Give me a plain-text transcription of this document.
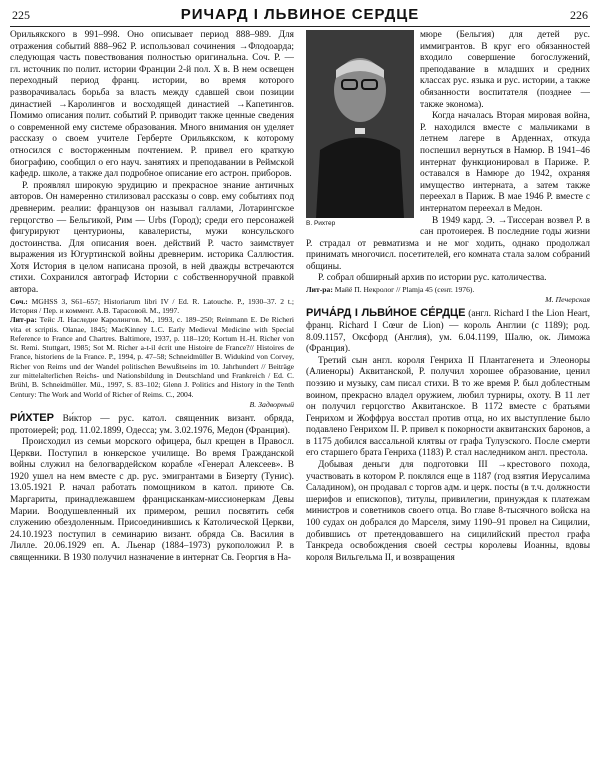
225	РИЧАРД I ЛЬВИНОЕ СЕРДЦЕ	226

Орильякского в 991–998. Оно описывает период 888–989. Для отражения событий 888–962 Р. использовал сочинения →Флодоарда; следующая часть повествования полностью оригинальна. Соч. Р. — гл. источник по полит. истории Франции 2-й пол. X в. В нем освещен переходный период франц. истории, во время которого разворачивалась борьба за власть между сдавшей свои позиции династией →Каролингов и восходящей династией →Капетингов. Помимо описания полит. событий Р. приводит также ценные сведения о современной ему системе образования. Много внимания он уделяет рассказу о своем учителе Герберте Орильякском, к которому относился с восторженным почтением. Р. привел его краткую биографию, сообщил о его науч. занятиях и преподавании в Реймской кафедр. школе, а также дал подробное описание его астрон. приборов.

Р. проявлял широкую эрудицию и прекрасное знание античных авторов. Он намеренно стилизовал рассказы о совр. ему событиях под древнерим. реалии: французов он называл галлами, Лотарингское герцогство — Бельгикой, Рим — Urbs (Город); среди его персонажей фигурируют центурионы, кавалеристы, мужи консульского достоинства. Для описания воен. действий Р. часто заимствует выражения из Югуртинской войны древнерим. историка Саллюстия. Хотя История в целом написана прозой, в ней дважды встречаются стихи. Сохранился автограф Истории с собственноручной правкой автора.

Соч.: MGHSS 3, S61–657; Historiarum libri IV / Ed. R. Latouche. P., 1930–37. 2 t.; История / Пер. и коммент. А.В. Тарасовой. М., 1997.
Лит-ра: Тейс Л. Наследие Каролингов. М., 1993, с. 189–250; Reinmann E. De Richeri vita et scriptis. Olanae, 1845; MacKinney L.C. Early Medieval Medicine with Special Reference to France and Chartres. Baltimore, 1937, p. 118–120; Kortum H.-H. Richer von St. Remi. Stuttgart, 1985; Sot M. Richer a-t-il écrit une Histoire de France?// Histoires de France, historiens de la France. P., 1994, p. 47–58; Schneidmüller B. Widukind von Corvey, Richer von Reims und der Wandel politischen Bewußtseins im 10. Jahrhundert // Beiträge zur mittelalterlichen Reichs- und Nationsbildung in Deutschland und Frankreich / Ed. C. Brühl, B. Schneidmüller. Mü., 1997, S. 83–102; Glenn J. Politics and History in the Tenth Century: The Work and World of Richer of Reims. C., 2004.
В. Задворный

РИ́ХТЕР Ви́ктор — рус. катол. священник визант. обряда, протоиерей; род. 11.02.1899, Одесса; ум. 3.02.1976, Медон (Франция).

Происходил из семьи морского офицера, был крещен в Правосл. Церкви. Поступил в юнкерское училище. Во время Гражданской войны служил на белогвардейском корабле «Генерал Алексеев». В 1920 ушел на нем вместе с др. рус. эмигрантами в Бизерту (Тунис). 13.05.1921 Р. начал работать помощником в катол. приюте Св. Маргариты, принадлежавшем францисканкам-миссионеркам Девы Марии. Воодушевленный их примером, решил посвятить себя служению обездоленным. Присоединившись к Католической Церкви, 24.10.1923 поступил в семинарию визант. обряда Св. Василия в Лилле. 20.06.1929 еп. А. Льенар (1884–1973) рукоположил Р. в священники. В 1930 получил назначение в интернат Св. Георгия в На-

В. Рихтер

мюре (Бельгия) для детей рус. иммигрантов. В круг его обязанностей входило совершение богослужений, преподавание в младших и средних классах рус. языка и рус. истории, а также обязанности воспитателя (позднее — также эконома).

Когда началась Вторая мировая война, Р. находился вместе с мальчиками в летнем лагере в Арденнах, откуда поспешил вернуться в Намюр. В 1941–46 интернат функционировал в Париже. Р. оставался в Намюре до 1942, охраняя имущество интерната, а затем также переехал в Париж. В мае 1946 Р. вместе с интернатом переехал в Медон.

В 1949 кард. Э. →Тиссеран возвел Р. в сан протоиерея. В последние годы жизни Р. страдал от ревматизма и не мог ходить, однако продолжал принимать многочисл. посетителей, его комната стала залом собраний общины.

Р. собрал обширный архив по истории рус. католичества.

Лит-ра: Майё П. Некролог // Plamja 45 (сент. 1976).
М. Печерская

РИЧА́РД I ЛЬВИ́НОЕ СЕ́РДЦЕ (англ. Richard I the Lion Heart, франц. Richard I Cœur de Lion) — король Англии (с 1189); род. 8.09.1157, Оксфорд (Англия), ум. 6.04.1199, Шалю, ок. Лиможа (Франция).

Третий сын англ. короля Генриха II Плантагенета и Элеоноры (Алиеноры) Аквитанской, Р. получил хорошее образование, ценил поэзию и музыку, сам писал стихи. В то же время Р. был доблестным воином, прекрасно владел оружием, любил турниры, охоту. В 11 лет он получил герцогство Аквитанское. В 1172 вместе с братьями Генрихом и Жоффруа восстал против отца, но их выступление было подавлено Генрихом II. Р. привел к покорности аквитанских баронов, а в 1175 добился вассальной клятвы от графа Тулузского. После смерти его старшего брата Генриха (1183) Р. стал наследником англ. престола.

Добывая деньги для подготовки III →крестового похода, участвовать в котором Р. поклялся еще в 1187 (год взятия Иерусалима Саладином), он продавал с торгов адм. и церк. посты (в т.ч. должности шерифов и епископов), титулы, привилегии, принуждая к платежам министров и советников своего отца. Во главе 8-тысячного войска на 100 судах он добрался до Марселя, зиму 1190–91 провел на Сицилии, добившись от претендовавшего на сицилийский престол графа Танкреда освобождения своей сестры королевы Иоанны, вдовы короля Вильгельма II, и возвращения
